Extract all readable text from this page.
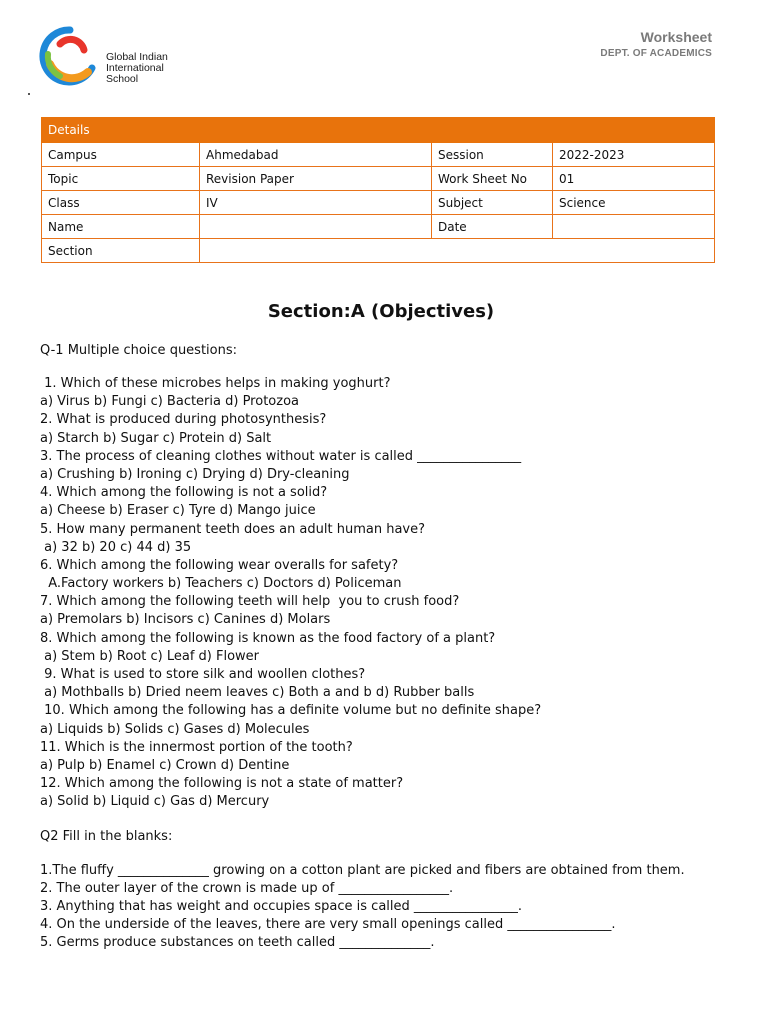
Global Indian
International
School
Worksheet
DEPT. OF ACADEMICS
Details			
Campus	Ahmedabad	Session	2022-2023
Topic	Revision Paper	Work Sheet No	01
Class	IV	Subject	Science
Name		Date	
Section			
Section:A (Objectives)
Q-1 Multiple choice questions:
1. Which of these microbes helps in making yoghurt?
a) Virus b) Fungi c) Bacteria d) Protozoa
2. What is produced during photosynthesis?
a) Starch b) Sugar c) Protein d) Salt
3. The process of cleaning clothes without water is called ________________
a) Crushing b) Ironing c) Drying d) Dry-cleaning
4. Which among the following is not a solid?
a) Cheese b) Eraser c) Tyre d) Mango juice
5. How many permanent teeth does an adult human have?
a) 32 b) 20 c) 44 d) 35
6. Which among the following wear overalls for safety?
A.Factory workers b) Teachers c) Doctors d) Policeman
7. Which among the following teeth will help  you to crush food?
a) Premolars b) Incisors c) Canines d) Molars
8. Which among the following is known as the food factory of a plant?
a) Stem b) Root c) Leaf d) Flower
9. What is used to store silk and woollen clothes?
a) Mothballs b) Dried neem leaves c) Both a and b d) Rubber balls
10. Which among the following has a definite volume but no definite shape?
a) Liquids b) Solids c) Gases d) Molecules
11. Which is the innermost portion of the tooth?
a) Pulp b) Enamel c) Crown d) Dentine
12. Which among the following is not a state of matter?
a) Solid b) Liquid c) Gas d) Mercury
Q2 Fill in the blanks:
1.The fluffy ______________ growing on a cotton plant are picked and fibers are obtained from them.
2. The outer layer of the crown is made up of _________________.
3. Anything that has weight and occupies space is called ________________.
4. On the underside of the leaves, there are very small openings called ________________.
5. Germs produce substances on teeth called ______________.
